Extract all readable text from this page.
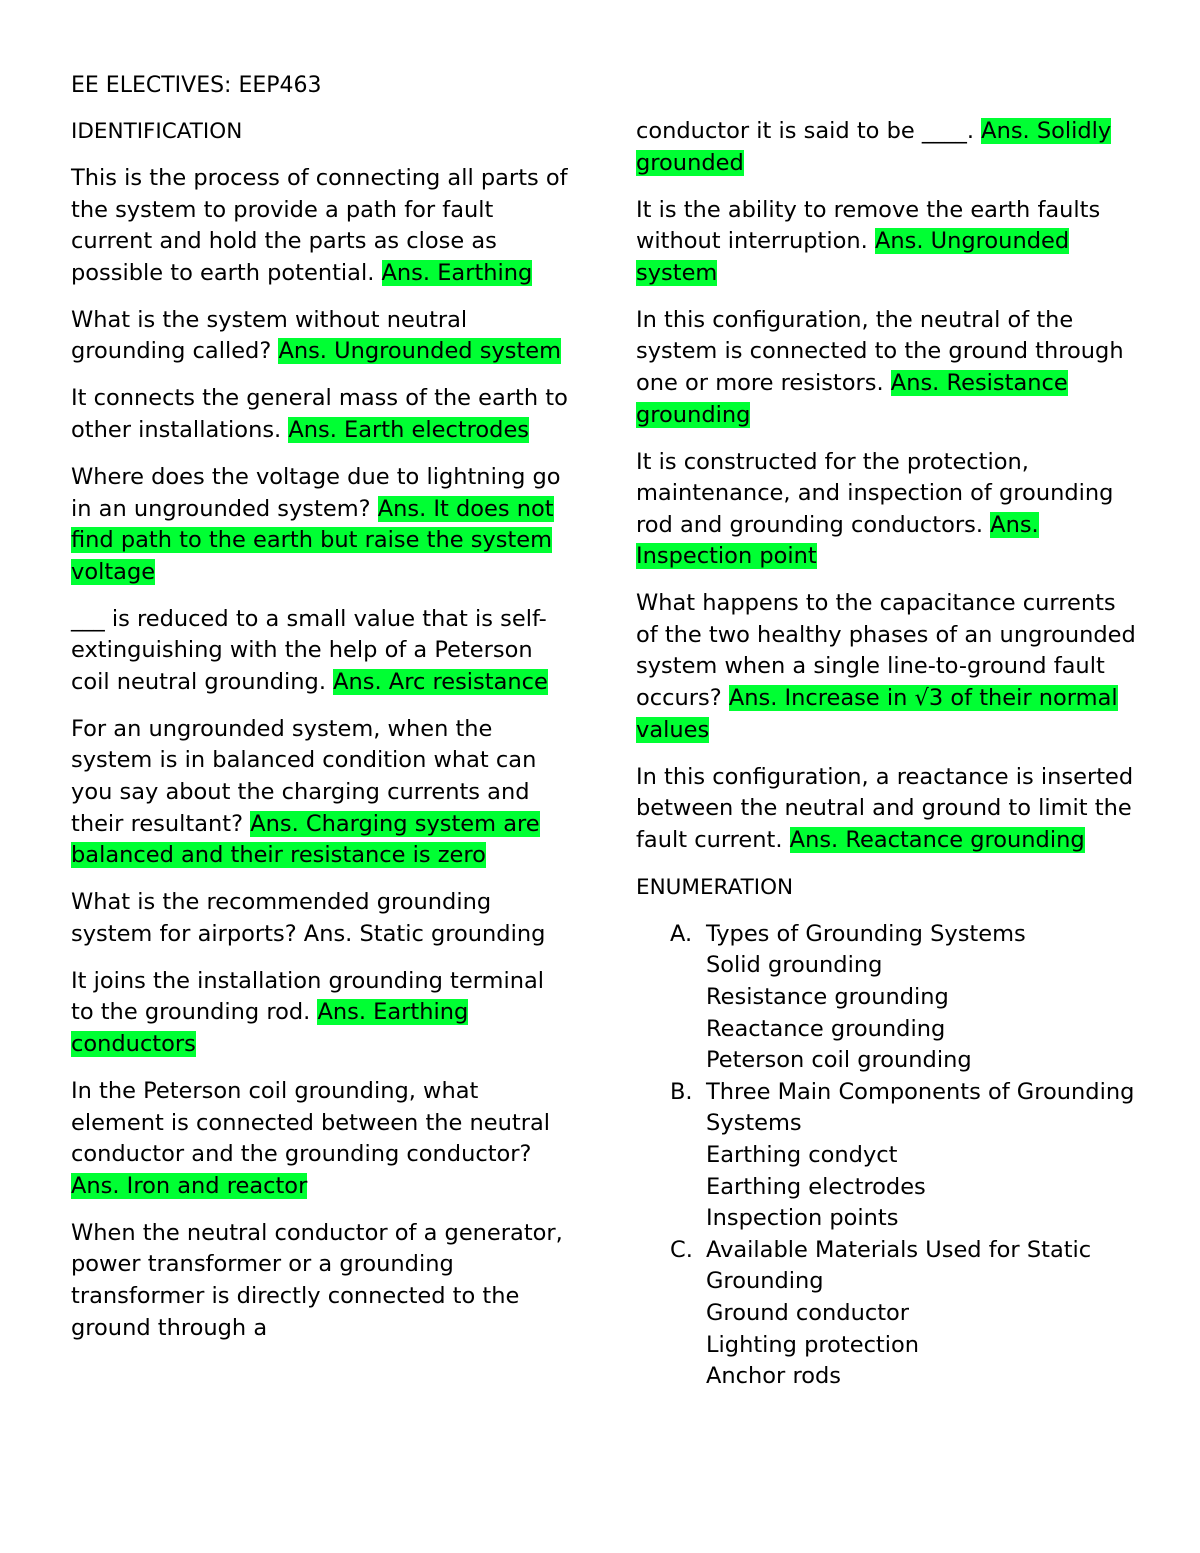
EE ELECTIVES: EEP463

IDENTIFICATION

This is the process of connecting all parts of the system to provide a path for fault current and hold the parts as close as possible to earth potential. Ans. Earthing

What is the system without neutral grounding called? Ans. Ungrounded system

It connects the general mass of the earth to other installations. Ans. Earth electrodes

Where does the voltage due to lightning go in an ungrounded system? Ans. It does not find path to the earth but raise the system voltage

___ is reduced to a small value that is self-extinguishing with the help of a Peterson coil neutral grounding. Ans. Arc resistance

For an ungrounded system, when the system is in balanced condition what can you say about the charging currents and their resultant? Ans. Charging system are balanced and their resistance is zero

What is the recommended grounding system for airports? Ans. Static grounding

It joins the installation grounding terminal to the grounding rod. Ans. Earthing conductors

In the Peterson coil grounding, what element is connected between the neutral conductor and the grounding conductor? Ans. Iron and reactor

When the neutral conductor of a generator, power transformer or a grounding transformer is directly connected to the ground through a

conductor it is said to be ____. Ans. Solidly grounded

It is the ability to remove the earth faults without interruption. Ans. Ungrounded system

In this configuration, the neutral of the system is connected to the ground through one or more resistors. Ans. Resistance grounding

It is constructed for the protection, maintenance, and inspection of grounding rod and grounding conductors. Ans. Inspection point

What happens to the capacitance currents of the two healthy phases of an ungrounded system when a single line-to-ground fault occurs? Ans. Increase in √3 of their normal values

In this configuration, a reactance is inserted between the neutral and ground to limit the fault current. Ans. Reactance grounding

ENUMERATION

A. Types of Grounding Systems
Solid grounding
Resistance grounding
Reactance grounding
Peterson coil grounding
B. Three Main Components of Grounding Systems
Earthing condyct
Earthing electrodes
Inspection points
C. Available Materials Used for Static Grounding
Ground conductor
Lighting protection
Anchor rods
